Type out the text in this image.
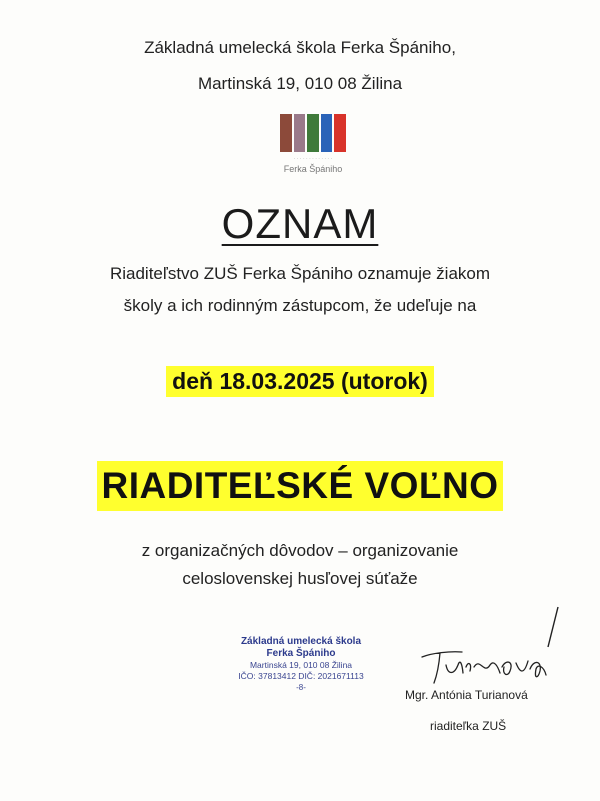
Základná umelecká škola Ferka Špániho,
Martinská 19, 010 08 Žilina
· · · · · · · · · · · · ·
Ferka Špániho
OZNAM
Riaditeľstvo ZUŠ Ferka Špániho oznamuje žiakom
školy a ich rodinným zástupcom, že udeľuje na
deň 18.03.2025 (utorok)
RIADITEĽSKÉ VOĽNO
z organizačných dôvodov – organizovanie
celoslovenskej husľovej súťaže
Základná umelecká škola
Ferka Špániho
Martinská 19, 010 08 Žilina
IČO: 37813412 DIČ: 2021671113
-8-
Mgr. Antónia Turianová
riaditeľka ZUŠ
